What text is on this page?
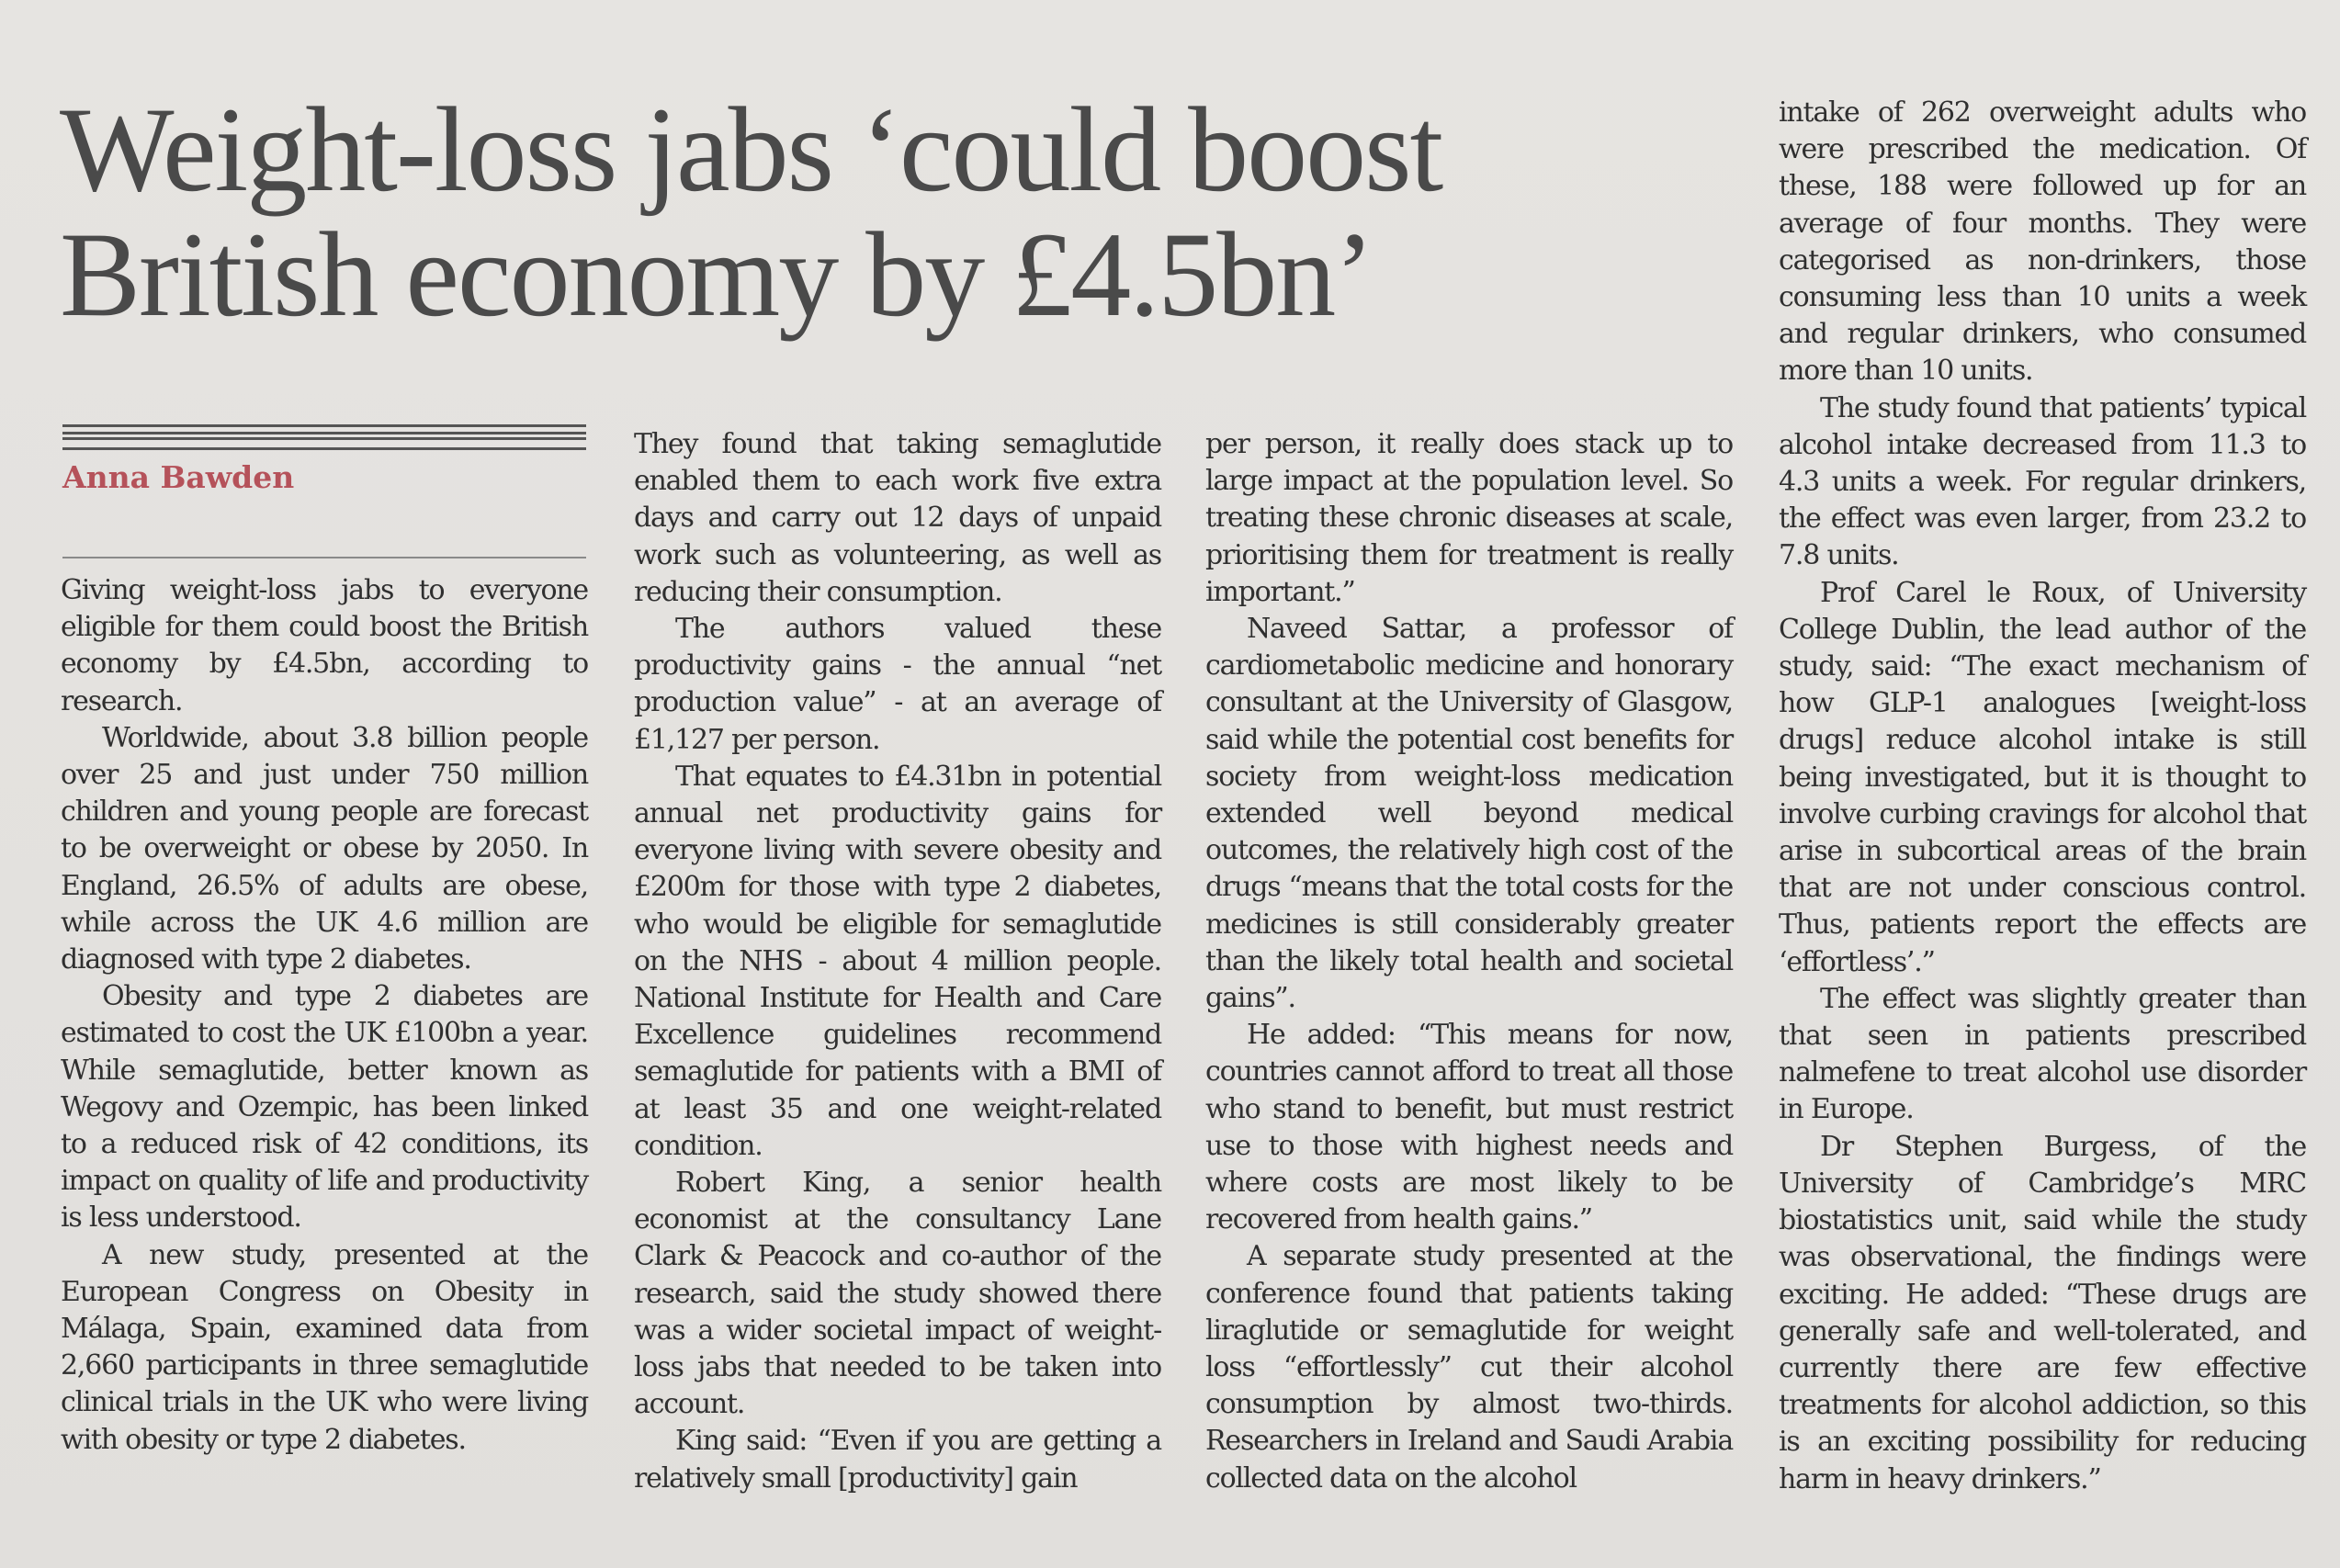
Weight-loss jabs ‘could boost British economy by £4.5bn’

Anna Bawden

Giving weight-loss jabs to everyone eligible for them could boost the British economy by £4.5bn, according to research.

Worldwide, about 3.8 billion people over 25 and just under 750 million children and young people are forecast to be overweight or obese by 2050. In England, 26.5% of adults are obese, while across the UK 4.6 million are diagnosed with type 2 diabetes.

Obesity and type 2 diabetes are estimated to cost the UK £100bn a year. While semaglutide, better known as Wegovy and Ozempic, has been linked to a reduced risk of 42 conditions, its impact on quality of life and productivity is less understood.

A new study, presented at the European Congress on Obesity in Málaga, Spain, examined data from 2,660 participants in three semaglutide clinical trials in the UK who were living with obesity or type 2 diabetes.

They found that taking semaglutide enabled them to each work five extra days and carry out 12 days of unpaid work such as volunteering, as well as reducing their consumption.

The authors valued these productivity gains - the annual “net production value” - at an average of £1,127 per person.

That equates to £4.31bn in potential annual net productivity gains for everyone living with severe obesity and £200m for those with type 2 diabetes, who would be eligible for semaglutide on the NHS - about 4 million people. National Institute for Health and Care Excellence guidelines recommend semaglutide for patients with a BMI of at least 35 and one weight-related condition.

Robert King, a senior health economist at the consultancy Lane Clark & Peacock and co-author of the research, said the study showed there was a wider societal impact of weight-loss jabs that needed to be taken into account.

King said: “Even if you are getting a relatively small [productivity] gain

per person, it really does stack up to large impact at the population level. So treating these chronic diseases at scale, prioritising them for treatment is really important.”

Naveed Sattar, a professor of cardiometabolic medicine and honorary consultant at the University of Glasgow, said while the potential cost benefits for society from weight-loss medication extended well beyond medical outcomes, the relatively high cost of the drugs “means that the total costs for the medicines is still considerably greater than the likely total health and societal gains”.

He added: “This means for now, countries cannot afford to treat all those who stand to benefit, but must restrict use to those with highest needs and where costs are most likely to be recovered from health gains.”

A separate study presented at the conference found that patients taking liraglutide or semaglutide for weight loss “effortlessly” cut their alcohol consumption by almost two-thirds. Researchers in Ireland and Saudi Arabia collected data on the alcohol

intake of 262 overweight adults who were prescribed the medication. Of these, 188 were followed up for an average of four months. They were categorised as non-drinkers, those consuming less than 10 units a week and regular drinkers, who consumed more than 10 units.

The study found that patients’ typical alcohol intake decreased from 11.3 to 4.3 units a week. For regular drinkers, the effect was even larger, from 23.2 to 7.8 units.

Prof Carel le Roux, of University College Dublin, the lead author of the study, said: “The exact mechanism of how GLP-1 analogues [weight-loss drugs] reduce alcohol intake is still being investigated, but it is thought to involve curbing cravings for alcohol that arise in subcortical areas of the brain that are not under conscious control. Thus, patients report the effects are ‘effortless’.”

The effect was slightly greater than that seen in patients prescribed nalmefene to treat alcohol use disorder in Europe.

Dr Stephen Burgess, of the University of Cambridge’s MRC biostatistics unit, said while the study was observational, the findings were exciting. He added: “These drugs are generally safe and well-tolerated, and currently there are few effective treatments for alcohol addiction, so this is an exciting possibility for reducing harm in heavy drinkers.”
